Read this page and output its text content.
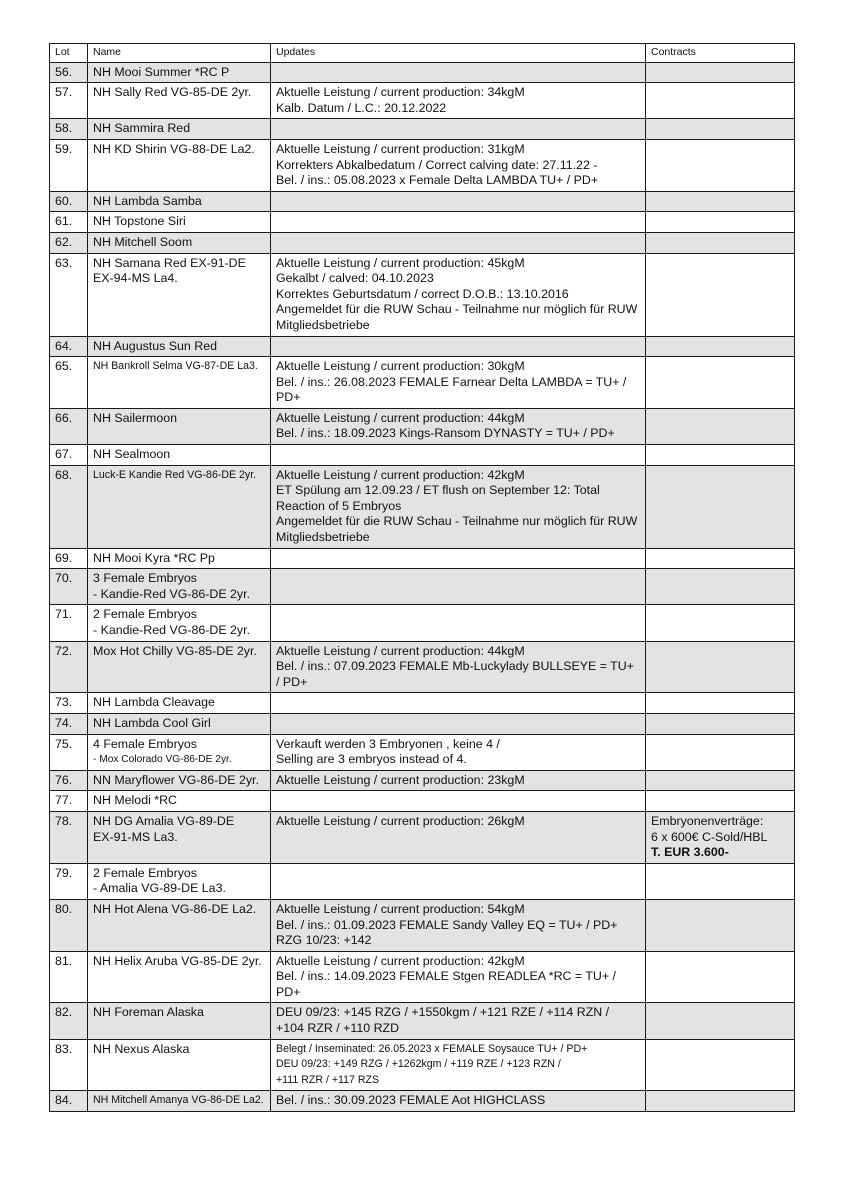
Lot	Name	Updates	Contracts
56.	NH Mooi Summer *RC P		

57.	NH Sally Red VG-85-DE 2yr.	Aktuelle Leistung / current production: 34kgM
Kalb. Datum / L.C.: 20.12.2022	

58.	NH Sammira Red		

59.	NH KD Shirin VG-88-DE La2.	Aktuelle Leistung / current production: 31kgM
Korrekters Abkalbedatum / Correct calving date: 27.11.22 -
Bel. / ins.: 05.08.2023 x Female Delta LAMBDA TU+ / PD+	

60.	NH Lambda Samba		

61.	NH Topstone Siri		

62.	NH Mitchell Soom		

63.	NH Samana Red EX-91-DE
EX-94-MS La4.	Aktuelle Leistung / current production: 45kgM
Gekalbt / calved: 04.10.2023
Korrektes Geburtsdatum / correct D.O.B.: 13.10.2016
Angemeldet für die RUW Schau - Teilnahme nur möglich für RUW Mitgliedsbetriebe	

64.	NH Augustus Sun Red		

65.	NH Bankroll Selma VG-87-DE La3.	Aktuelle Leistung / current production: 30kgM
Bel. / ins.: 26.08.2023 FEMALE Farnear Delta LAMBDA = TU+ / PD+	

66.	NH Sailermoon	Aktuelle Leistung / current production: 44kgM
Bel. / ins.: 18.09.2023 Kings-Ransom DYNASTY = TU+ / PD+	

67.	NH Sealmoon		

68.	Luck-E Kandie Red VG-86-DE 2yr.	Aktuelle Leistung / current production: 42kgM
ET Spülung am 12.09.23 / ET flush on September 12: Total Reaction of 5 Embryos
Angemeldet für die RUW Schau - Teilnahme nur möglich für RUW Mitgliedsbetriebe	

69.	NH Mooi Kyra *RC Pp		

70.	3 Female Embryos
- Kandie-Red VG-86-DE 2yr.		

71.	2 Female Embryos
- Kandie-Red VG-86-DE 2yr.		

72.	Mox Hot Chilly VG-85-DE 2yr.	Aktuelle Leistung / current production: 44kgM
Bel. / ins.: 07.09.2023 FEMALE Mb-Luckylady BULLSEYE = TU+ / PD+	

73.	NH Lambda Cleavage		

74.	NH Lambda Cool Girl		

75.	4 Female Embryos
- Mox Colorado VG-86-DE 2yr.	Verkauft werden 3 Embryonen , keine 4 /
Selling are 3 embryos instead of 4.	

76.	NN Maryflower VG-86-DE 2yr.	Aktuelle Leistung / current production: 23kgM	

77.	NH Melodi *RC		

78.	NH DG Amalia VG-89-DE
EX-91-MS La3.	Aktuelle Leistung / current production: 26kgM	Embryonenverträge:
6 x 600€ C-Sold/HBL
T. EUR 3.600-

79.	2 Female Embryos
- Amalia VG-89-DE La3.		

80.	NH Hot Alena VG-86-DE La2.	Aktuelle Leistung / current production: 54kgM
Bel. / ins.: 01.09.2023 FEMALE Sandy Valley EQ = TU+ / PD+
RZG 10/23: +142	

81.	NH Helix Aruba VG-85-DE 2yr.	Aktuelle Leistung / current production: 42kgM
Bel. / ins.: 14.09.2023 FEMALE Stgen READLEA *RC = TU+ / PD+	

82.	NH Foreman Alaska	DEU 09/23: +145 RZG / +1550kgm / +121 RZE / +114 RZN /
+104 RZR / +110 RZD	

83.	NH Nexus Alaska	Belegt / Inseminated: 26.05.2023 x FEMALE Soysauce TU+ / PD+
DEU 09/23: +149 RZG / +1262kgm / +119 RZE / +123 RZN /
+111 RZR / +117 RZS	

84.	NH Mitchell Amanya VG-86-DE La2.	Bel. / ins.: 30.09.2023 FEMALE Aot HIGHCLASS	
